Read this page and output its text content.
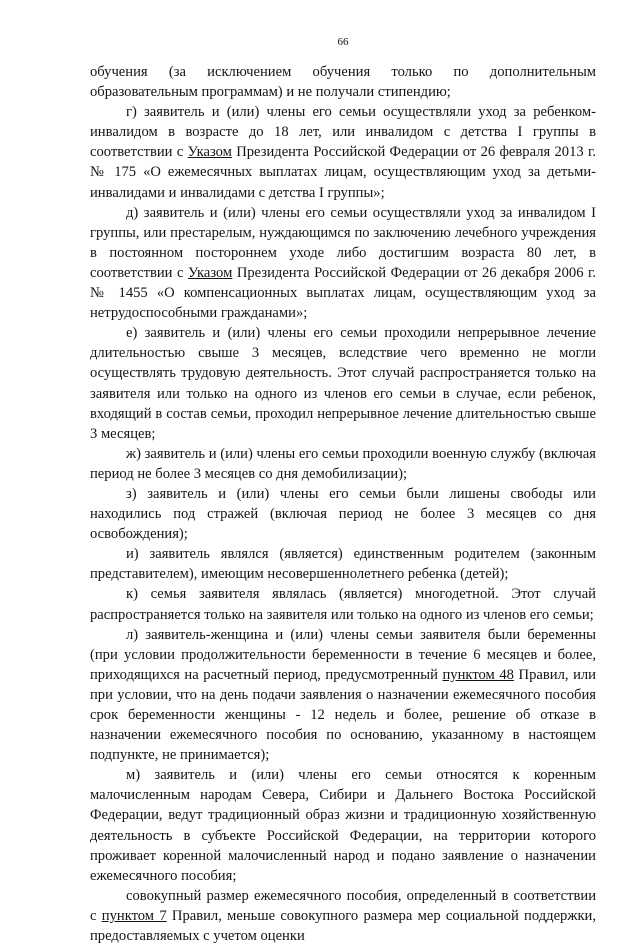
66

обучения (за исключением обучения только по дополнительным образовательным программам) и не получали стипендию;

г) заявитель и (или) члены его семьи осуществляли уход за ребенком-инвалидом в возрасте до 18 лет, или инвалидом с детства I группы в соответствии с Указом Президента Российской Федерации от 26 февраля 2013 г. № 175 «О ежемесячных выплатах лицам, осуществляющим уход за детьми-инвалидами и инвалидами с детства I группы»;

д) заявитель и (или) члены его семьи осуществляли уход за инвалидом I группы, или престарелым, нуждающимся по заключению лечебного учреждения в постоянном постороннем уходе либо достигшим возраста 80 лет, в соответствии с Указом Президента Российской Федерации от 26 декабря 2006 г. № 1455 «О компенсационных выплатах лицам, осуществляющим уход за нетрудоспособными гражданами»;

е) заявитель и (или) члены его семьи проходили непрерывное лечение длительностью свыше 3 месяцев, вследствие чего временно не могли осуществлять трудовую деятельность. Этот случай распространяется только на заявителя или только на одного из членов его семьи в случае, если ребенок, входящий в состав семьи, проходил непрерывное лечение длительностью свыше 3 месяцев;

ж) заявитель и (или) члены его семьи проходили военную службу (включая период не более 3 месяцев со дня демобилизации);

з) заявитель и (или) члены его семьи были лишены свободы или находились под стражей (включая период не более 3 месяцев со дня освобождения);

и) заявитель являлся (является) единственным родителем (законным представителем), имеющим несовершеннолетнего ребенка (детей);

к) семья заявителя являлась (является) многодетной. Этот случай распространяется только на заявителя или только на одного из членов его семьи;

л) заявитель-женщина и (или) члены семьи заявителя были беременны (при условии продолжительности беременности в течение 6 месяцев и более, приходящихся на расчетный период, предусмотренный пунктом 48 Правил, или при условии, что на день подачи заявления о назначении ежемесячного пособия срок беременности женщины - 12 недель и более, решение об отказе в назначении ежемесячного пособия по основанию, указанному в настоящем подпункте, не принимается);

м) заявитель и (или) члены его семьи относятся к коренным малочисленным народам Севера, Сибири и Дальнего Востока Российской Федерации, ведут традиционный образ жизни и традиционную хозяйственную деятельность в субъекте Российской Федерации, на территории которого проживает коренной малочисленный народ и подано заявление о назначении ежемесячного пособия;

совокупный размер ежемесячного пособия, определенный в соответствии с пунктом 7 Правил, меньше совокупного размера мер социальной поддержки, предоставляемых с учетом оценки
